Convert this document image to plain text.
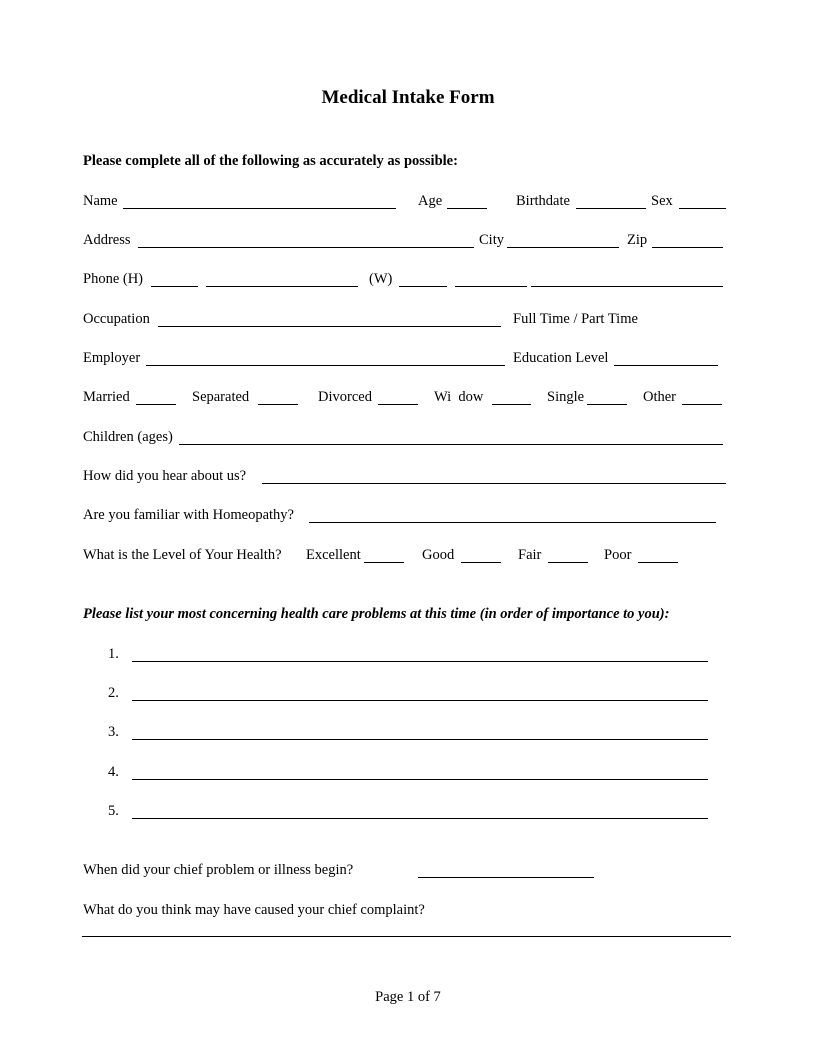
Medical Intake Form
Please complete all of the following as accurately as possible:
Name	Age	Birthdate	Sex
Address	City	Zip
Phone (H)	(W)
Occupation	Full Time / Part Time
Employer	Education Level
Married	Separated	Divorced	Wi  dow	Single	Other
Children (ages)
How did you hear about us?
Are you familiar with Homeopathy?
What is the Level of Your Health? Excellent	Good	Fair	Poor
Please list your most concerning health care problems at this time (in order of importance to you):
1.
2.
3.
4.
5.
When did your chief problem or illness begin?
What do you think may have caused your chief complaint?
Page 1 of 7
